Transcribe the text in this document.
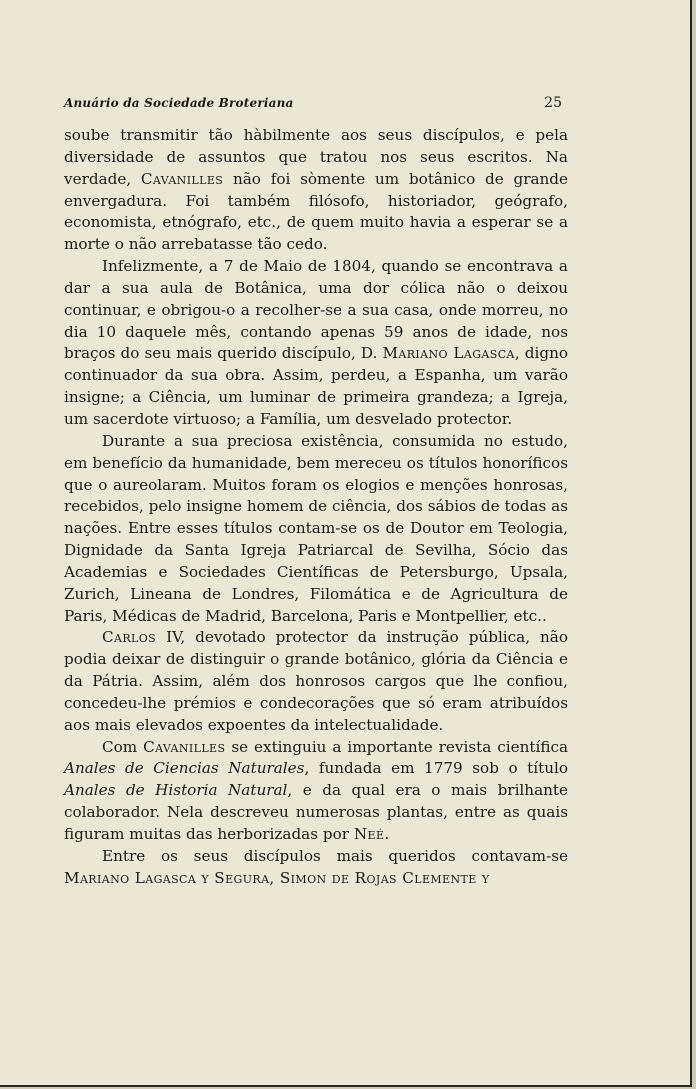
Anuário da Sociedade Broteriana	25

soube transmitir tão hàbilmente aos seus discípulos, e pela diversidade de assuntos que tratou nos seus escritos. Na verdade, Cavanilles não foi sòmente um botânico de grande envergadura. Foi também filósofo, historiador, geógrafo, economista, etnógrafo, etc., de quem muito havia a esperar se a morte o não arrebatasse tão cedo.

Infelizmente, a 7 de Maio de 1804, quando se encontrava a dar a sua aula de Botânica, uma dor cólica não o deixou continuar, e obrigou-o a recolher-se a sua casa, onde morreu, no dia 10 daquele mês, contando apenas 59 anos de idade, nos braços do seu mais querido discípulo, D. Mariano Lagasca, digno continuador da sua obra. Assim, perdeu, a Espanha, um varão insigne; a Ciência, um luminar de primeira grandeza; a Igreja, um sacerdote virtuoso; a Família, um desvelado protector.

Durante a sua preciosa existência, consumida no estudo, em benefício da humanidade, bem mereceu os títulos honoríficos que o aureolaram. Muitos foram os elogios e menções honrosas, recebidos, pelo insigne homem de ciência, dos sábios de todas as nações. Entre esses títulos contam-se os de Doutor em Teologia, Dignidade da Santa Igreja Patriarcal de Sevilha, Sócio das Academias e Sociedades Científicas de Petersburgo, Upsala, Zurich, Lineana de Londres, Filomática e de Agricultura de Paris, Médicas de Madrid, Barcelona, Paris e Montpellier, etc..

Carlos IV, devotado protector da instrução pública, não podia deixar de distinguir o grande botânico, glória da Ciência e da Pátria. Assim, além dos honrosos cargos que lhe confiou, concedeu-lhe prémios e condecorações que só eram atribuídos aos mais elevados expoentes da intelectualidade.

Com Cavanilles se extinguiu a importante revista científica Anales de Ciencias Naturales, fundada em 1779 sob o título Anales de Historia Natural, e da qual era o mais brilhante colaborador. Nela descreveu numerosas plantas, entre as quais figuram muitas das herborizadas por Neé.

Entre os seus discípulos mais queridos contavam-se Mariano Lagasca y Segura, Simon de Rojas Clemente y
